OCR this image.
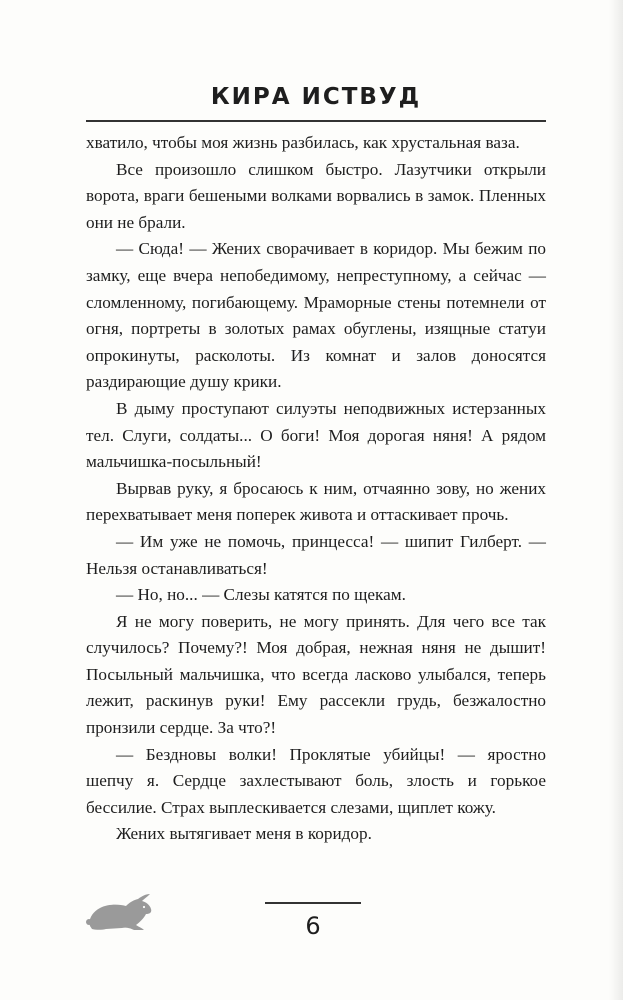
КИРА ИСТВУД

хватило, чтобы моя жизнь разбилась, как хрустальная ваза.

Все произошло слишком быстро. Лазутчики открыли ворота, враги бешеными волками ворвались в замок. Пленных они не брали.

— Сюда! — Жених сворачивает в коридор. Мы бежим по замку, еще вчера непобедимому, непреступному, а сейчас — сломленному, погибающему. Мраморные стены потемнели от огня, портреты в золотых рамах обуглены, изящные статуи опрокинуты, расколоты. Из комнат и залов доносятся раздирающие душу крики.

В дыму проступают силуэты неподвижных истерзанных тел. Слуги, солдаты... О боги! Моя дорогая няня! А рядом мальчишка-посыльный!

Вырвав руку, я бросаюсь к ним, отчаянно зову, но жених перехватывает меня поперек живота и оттаскивает прочь.

— Им уже не помочь, принцесса! — шипит Гилберт. — Нельзя останавливаться!

— Но, но... — Слезы катятся по щекам.

Я не могу поверить, не могу принять. Для чего все так случилось? Почему?! Моя добрая, нежная няня не дышит! Посыльный мальчишка, что всегда ласково улыбался, теперь лежит, раскинув руки! Ему рассекли грудь, безжалостно пронзили сердце. За что?!

— Бездновы волки! Проклятые убийцы! — яростно шепчу я. Сердце захлестывают боль, злость и горькое бессилие. Страх выплескивается слезами, щиплет кожу.

Жених вытягивает меня в коридор.

6
